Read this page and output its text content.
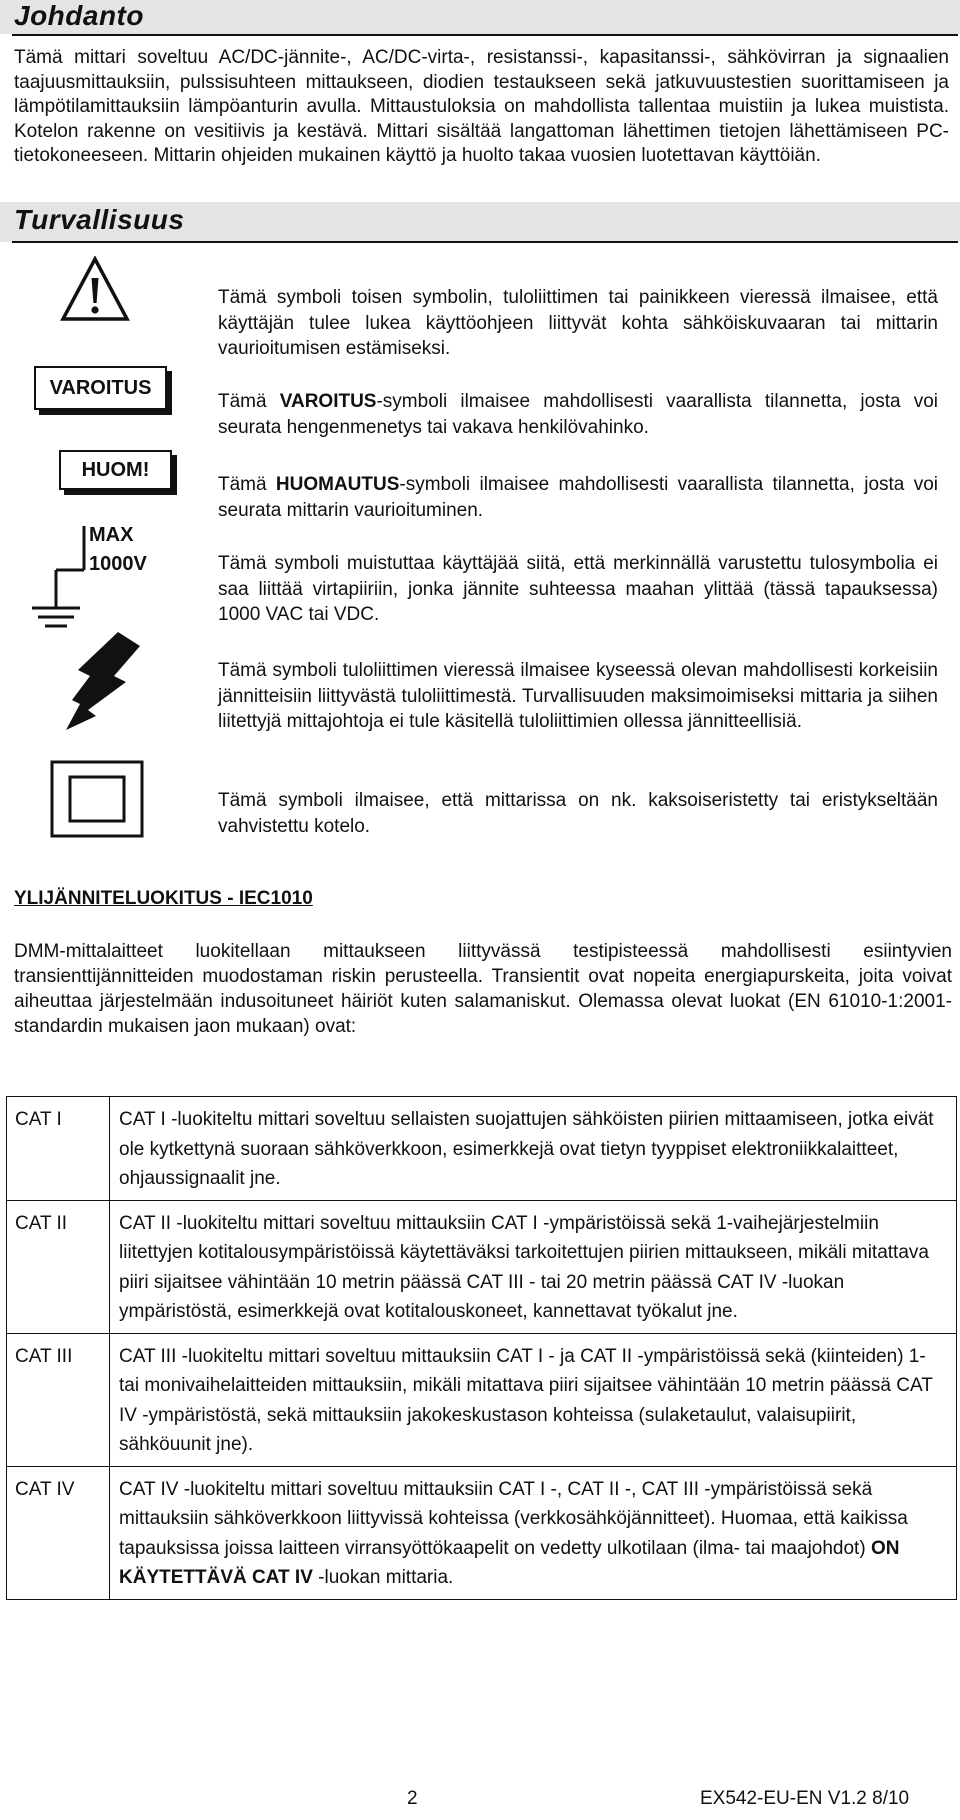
Johdanto
Tämä mittari soveltuu AC/DC-jännite-, AC/DC-virta-, resistanssi-, kapasitanssi-, sähkövirran ja signaalien taajuusmittauksiin, pulssisuhteen mittaukseen, diodien testaukseen sekä jatkuvuustestien suorittamiseen ja lämpötilamittauksiin lämpöanturin avulla. Mittaustuloksia on mahdollista tallentaa muistiin ja lukea muistista. Kotelon rakenne on vesitiivis ja kestävä. Mittari sisältää langattoman lähettimen tietojen lähettämiseen PC-tietokoneeseen. Mittarin ohjeiden mukainen käyttö ja huolto takaa vuosien luotettavan käyttöiän.
Turvallisuus
Tämä symboli toisen symbolin, tuloliittimen tai painikkeen vieressä ilmaisee, että käyttäjän tulee lukea käyttöohjeen liittyvät kohta sähköiskuvaaran tai mittarin vaurioitumisen estämiseksi.
VAROITUS
Tämä VAROITUS-symboli ilmaisee mahdollisesti vaarallista tilannetta, josta voi seurata hengenmenetys tai vakava henkilövahinko.
HUOM!
Tämä HUOMAUTUS-symboli ilmaisee mahdollisesti vaarallista tilannetta, josta voi seurata mittarin vaurioituminen.
MAX
1000V	Tämä symboli muistuttaa käyttäjää siitä, että merkinnällä varustettu tulosymbolia ei saa liittää virtapiiriin, jonka jännite suhteessa maahan ylittää (tässä tapauksessa) 1000 VAC tai VDC.
Tämä symboli tuloliittimen vieressä ilmaisee kyseessä olevan mahdollisesti korkeisiin jännitteisiin liittyvästä tuloliittimestä. Turvallisuuden maksimoimiseksi mittaria ja siihen liitettyjä mittajohtoja ei tule käsitellä tuloliittimien ollessa jännitteellisiä.
Tämä symboli ilmaisee, että mittarissa on nk. kaksoiseristetty tai eristykseltään vahvistettu kotelo.
YLIJÄNNITELUOKITUS - IEC1010
DMM-mittalaitteet luokitellaan mittaukseen liittyvässä testipisteessä mahdollisesti esiintyvien transienttijännitteiden muodostaman riskin perusteella. Transientit ovat nopeita energiapurskeita, joita voivat aiheuttaa järjestelmään indusoituneet häiriöt kuten salamaniskut. Olemassa olevat luokat (EN 61010-1:2001-standardin mukaisen jaon mukaan) ovat:
CAT I	CAT I -luokiteltu mittari soveltuu sellaisten suojattujen sähköisten piirien mittaamiseen, jotka eivät ole kytkettynä suoraan sähköverkkoon, esimerkkejä ovat tietyn tyyppiset elektroniikkalaitteet, ohjaussignaalit jne.
CAT II	CAT II -luokiteltu mittari soveltuu mittauksiin CAT I -ympäristöissä sekä 1-vaihejärjestelmiin liitettyjen kotitalousympäristöissä käytettäväksi tarkoitettujen piirien mittaukseen, mikäli mitattava piiri sijaitsee vähintään 10 metrin päässä CAT III - tai 20 metrin päässä CAT IV -luokan ympäristöstä, esimerkkejä ovat kotitalouskoneet, kannettavat työkalut jne.
CAT III	CAT III -luokiteltu mittari soveltuu mittauksiin CAT I - ja CAT II -ympäristöissä sekä (kiinteiden) 1- tai monivaihelaitteiden mittauksiin, mikäli mitattava piiri sijaitsee vähintään 10 metrin päässä CAT IV -ympäristöstä, sekä mittauksiin jakokeskustason kohteissa (sulaketaulut, valaisupiirit, sähköuunit jne).
CAT IV	CAT IV -luokiteltu mittari soveltuu mittauksiin CAT I -, CAT II -, CAT III -ympäristöissä sekä mittauksiin sähköverkkoon liittyvissä kohteissa (verkkosähköjännitteet). Huomaa, että kaikissa tapauksissa joissa laitteen virransyöttökaapelit on vedetty ulkotilaan (ilma- tai maajohdot) ON KÄYTETTÄVÄ CAT IV -luokan mittaria.
2	EX542-EU-EN V1.2 8/10
